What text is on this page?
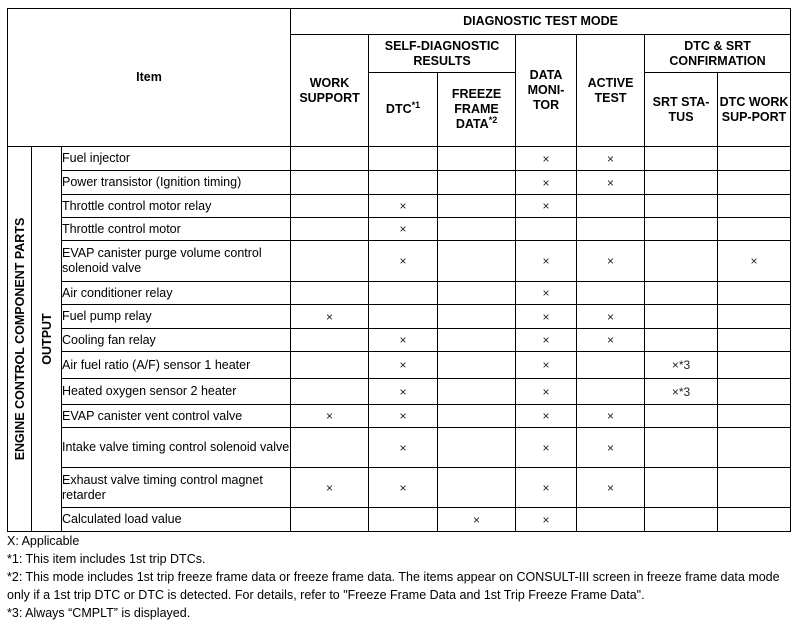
Item			DIAGNOSTIC TEST MODE						
			WORK SUPPORT	SELF-DIAGNOSTIC RESULTS		DATA MONI-TOR	ACTIVE TEST	DTC & SRT CONFIRMATION	
				DTC$^{*1}$	FREEZE FRAME DATA$^{*2}$			SRT STA-TUS	DTC WORK SUP-PORT

ENGINE CONTROL COMPONENT PARTS	OUTPUT	Fuel injector				×	×		
		Power transistor (Ignition timing)				×	×		
		Throttle control motor relay		×		×			
		Throttle control motor		×					
		EVAP canister purge volume control solenoid valve		×		×	×		×
		Air conditioner relay				×			
		Fuel pump relay	×			×	×		
		Cooling fan relay		×		×	×		
		Air fuel ratio (A/F) sensor 1 heater		×		×		×*3	
		Heated oxygen sensor 2 heater		×		×		×*3	
		EVAP canister vent control valve	×	×		×	×		
		Intake valve timing control solenoid valve		×		×	×		
		Exhaust valve timing control magnet retarder	×	×		×	×		
		Calculated load value			×	×			
X: Applicable
*1: This item includes 1st trip DTCs.
*2: This mode includes 1st trip freeze frame data or freeze frame data. The items appear on CONSULT-III screen in freeze frame data mode only if a 1st trip DTC or DTC is detected. For details, refer to "Freeze Frame Data and 1st Trip Freeze Frame Data".
*3: Always “CMPLT” is displayed.
